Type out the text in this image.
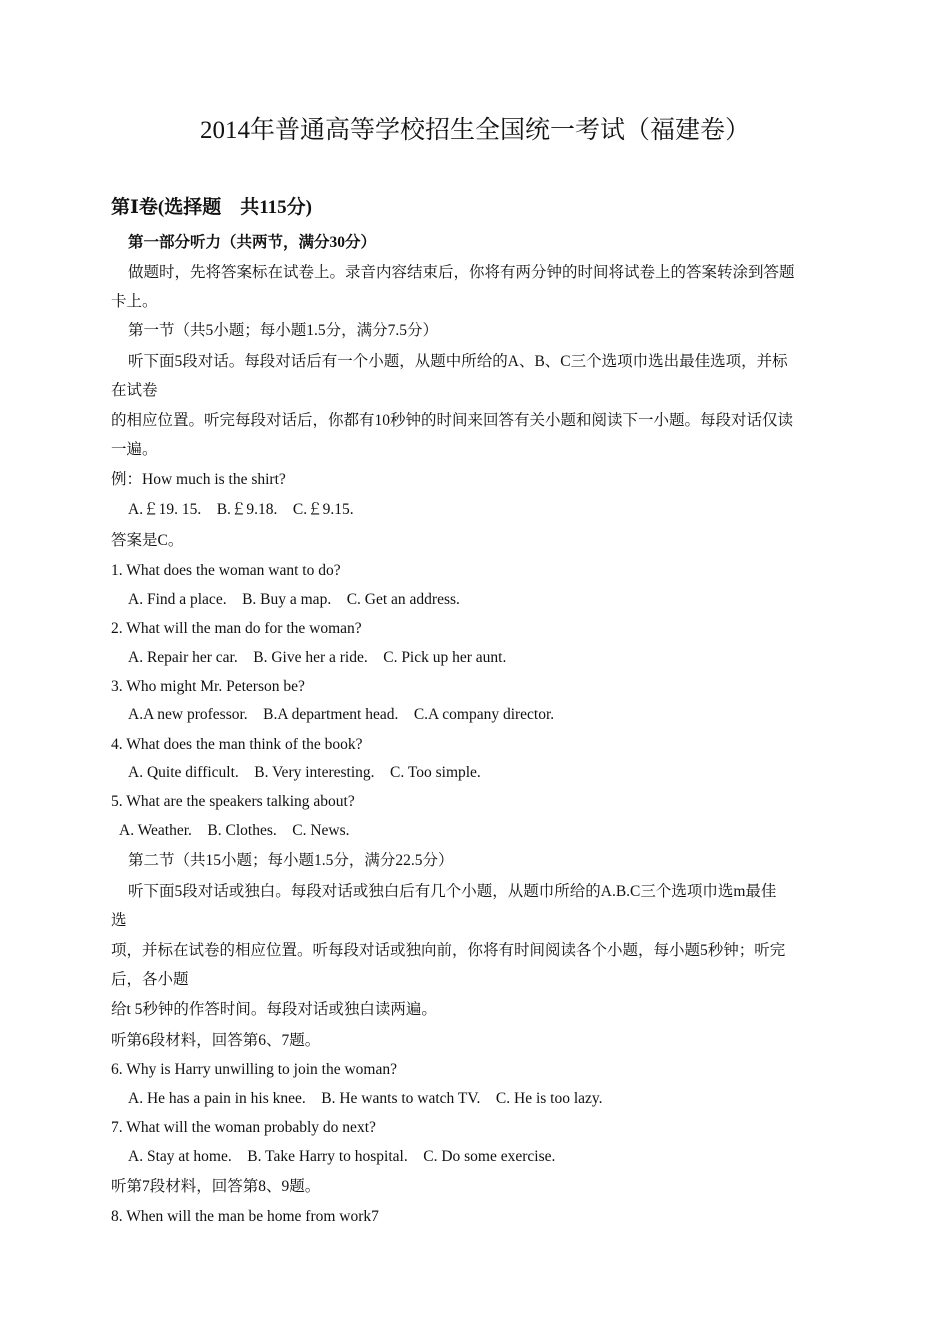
2014年普通高等学校招生全国统一考试（福建卷）
第Ⅰ卷(选择题　共115分)
第一部分听力（共两节，满分30分）
做题时，先将答案标在试卷上。录音内容结束后，你将有两分钟的时间将试卷上的答案转涂到答题
卡上。
第一节（共5小题；每小题1.5分，满分7.5分）
听下面5段对话。每段对话后有一个小题，从题中所给的A、B、C三个选项巾选出最佳选项，并标
在试卷
的相应位置。听完每段对话后，你都有10秒钟的时间来回答有关小题和阅读下一小题。每段对话仅读
一遍。
例：How much is the shirt?
A.￡19. 15.　B.￡9.18.　C.￡9.15.
答案是C。
1. What does the woman want to do?
A. Find a place.　B. Buy a map.　C. Get an address.
2. What will the man do for the woman?
A. Repair her car.　B. Give her a ride.　C. Pick up her aunt.
3. Who might Mr. Peterson be?
A.A new professor.　B.A department head.　C.A company director.
4. What does the man think of the book?
A. Quite difficult.　B. Very interesting.　C. Too simple.
5. What are the speakers talking about?
A. Weather.　B. Clothes.　C. News.
第二节（共15小题；每小题1.5分，满分22.5分）
听下面5段对话或独白。每段对话或独白后有几个小题，从题巾所给的A.B.C三个选项巾选m最佳
选
项，并标在试卷的相应位置。听每段对话或独向前，你将有时间阅读各个小题，每小题5秒钟；听完
后，各小题
给t 5秒钟的作答时间。每段对话或独白读两遍。
听第6段材料，回答第6、7题。
6. Why is Harry unwilling to join the woman?
A. He has a pain in his knee.　B. He wants to watch TV.　C. He is too lazy.
7. What will the woman probably do next?
A. Stay at home.　B. Take Harry to hospital.　C. Do some exercise.
听第7段材料，回答第8、9题。
8. When will the man be home from work7
